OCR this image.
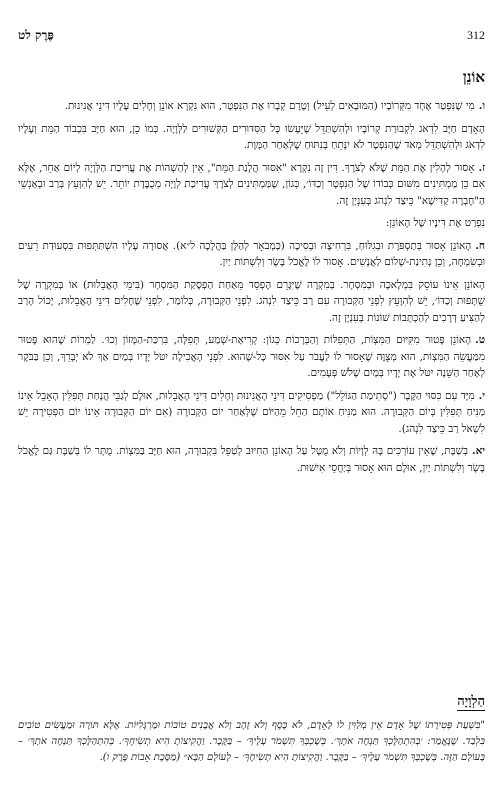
312
פֶּרֶק לט
אוֹנֵן

ו.מִי שֶׁנִּפְטַר אֶחָד מִקְּרוֹבָיו (הַמּוּבָאִים לְעֵיל) וְטֶרֶם קְבָרוּ אֶת הַנִּפְטָר, הוּא נִקְרָא אוֹנֵן וְחָלִים עָלָיו דִּינֵי אֲנִינוּת.

הָאָדָם חַיָּב לִדְאֹג לִקְבוּרַת קְרוֹבָיו וּלְהִשְׁתַּדֵּל שֶׁיֵּעָשׂוּ כָּל הַסִּדּוּרִים הַקְּשׁוּרִים לַלְּוָיָה. כְּמוֹ כֵן, הוּא חַיָּב בִּכְבוֹד הַמֵּת וְעָלָיו לִדְאֹג וּלְהִשְׁתַּדֵּל מְאֹד שֶׁהַנִּפְטָר לֹא יִנָּתֵחַ בְּנִתּוּחַ שֶׁלְּאַחַר הַמָּוֶת.

ז.אָסוּר לְהָלִין אֶת הַמֵּת שֶׁלֹּא לְצֹרֶךְ. דִּין זֶה נִקְרָא "אִסּוּר הֲלָנַת הַמֵּת", אֵין לְהַשְׁהוֹת אֶת עֲרִיכַת הַלְּוָיָה לְיוֹם אַחֵר, אֶלָּא אִם כֵּן מַמְתִּינִים מִשּׁוּם כְּבוֹדוֹ שֶׁל הַנִּפְטָר וְכַדּוֹ׳, כְּגוֹן, שֶׁמַּמְתִּינִים לְצֹרֶךְ עֲרִיכַת לְוָיָה מְכֻבֶּדֶת יוֹתֵר. יֵשׁ לְהִוָּעֵץ בְּרַב וּבְאַנְשֵׁי הַ"חֶבְרָה קַדִּישָׁא" כֵּיצַד לִנְהֹג בְּעִנְיָן זֶה.

נִפְרַט אֶת דִּינָיו שֶׁל הָאוֹנֵן:

ח.הָאוֹנֵן אָסוּר בְּתַסְפֹּרֶת וּבְגִלּוּחַ, בִּרְחִיצָה וּבְסִיכָה (כַּמְבֹאָר לְהַלָּן בַּהֲלָכָה ל״א). אֲסוּרָה עָלָיו הִשְׁתַּתְּפוּת בִּסְעוּדַת רֵעִים וּבְשִׂמְחָה, וְכֵן נְתִינַת-שָׁלוֹם לַאֲנָשִׁים. אָסוּר לוֹ לֶאֱכֹל בָּשָׂר וְלִשְׁתּוֹת יַיִן.

הָאוֹנֵן אֵינוֹ עוֹסֵק בִּמְלָאכָה וּבְמִסְחָר. בְּמִקְרֶה שֶׁיִּגָּרֵם הֶפְסֵד מֵאַחַת הַפְסָקַת הַמִּסְחָר (בִּימֵי הָאֲבֵלוּת) אוֹ בְּמִקְרֶה שֶׁל שֻׁתָּפוּת וְכַדּוֹ׳, יֵשׁ לְהִוָּעֵץ לִפְנֵי הַקְּבוּרָה עִם רַב כֵּיצַד לִנְהֹג. לִפְנֵי הַקְּבוּרָה, כְּלוֹמַר, לִפְנֵי שֶׁחָלִים דִּינֵי הָאֲבֵלוּת, יָכוֹל הָרַב לְהַצִּיעַ דְּרָכִים לְהַכְתָּבוֹת שׁוֹנוֹת בְּעִנְיָן זֶה.

ט.הָאוֹנֵן פָּטוּר מִקִּיּוּם הַמִּצְוֹת, הַתְּפִלּוֹת וְהַבְּרָכוֹת כְּגוֹן: קְרִיאַת-שְׁמַע, תְּפִלָּה, בִּרְכַּת-הַמָּזוֹן וְכוּ׳. לַמְרוֹת שֶׁהוּא פָּטוּר מִמַּעֲשֵׂה הַמִּצְוֹת, הוּא מְצֻוֶּה שֶׁאָסוּר לוֹ לַעֲבֹר עַל אִסּוּר כָּל-שֶׁהוּא. לִפְנֵי הָאֲכִילָה יִטֹּל יָדָיו בְּמַיִם אַךְ לֹא יְבָרֵךְ, וְכֵן בַּבֹּקֶר לְאַחַר הַשֵּׁנָה יִטֹּל אֶת יָדָיו בְּמַיִם שָׁלֹשׁ פְּעָמִים.

י.מִיָּד עִם כִּסּוּי הַקֶּבֶר ("סְתִימַת הַגּוֹלֵל") מַפְסִיקִים דִּינֵי הָאֲנִינוּת וְחָלִים דִּינֵי הָאֲבֵלוּת, אוּלָם לְגַבֵּי הֲנָחַת תְּפִלִּין הָאָבֵל אֵינוֹ מַנִּיחַ תְּפִלִּין בְּיוֹם הַקְּבוּרָה. הוּא מַנִּיחַ אוֹתָם הַחֵל מֵהַיּוֹם שֶׁלְּאַחַר יוֹם הַקְּבוּרָה (אִם יוֹם הַקְּבוּרָה אֵינוֹ יוֹם הַפְּטִירָה יֵשׁ לִשְׁאֹל רַב כֵּיצַד לִנְהֹג).

יא.בְּשַׁבָּת, שֶׁאֵין עוֹרְכִים בָּהּ לְוָיוֹת וְלֹא מֻטָּל עַל הָאוֹנֵן הַחִיּוּב לְטַפֵּל בִּקְבוּרָה, הוּא חַיָּב בַּמִּצְוֹת. מֻתָּר לוֹ בְּשַׁבָּת גַּם לֶאֱכֹל בָּשָׂר וְלִשְׁתּוֹת יַיִן, אוּלָם הוּא אָסוּר בְּיַחֲסֵי אִישׁוּת.

הַלְוָיָה
"בִּשְׁעַת פְּטִירָתוֹ שֶׁל אָדָם אֵין מְלַוִּין לוֹ לָאָדָם, לֹא כֶּסֶף וְלֹא זָהָב וְלֹא אֲבָנִים טוֹבוֹת וּמַרְגָּלִיּוֹת. אֶלָּא תּוֹרָה וּמַעֲשִׂים טוֹבִים בִּלְבַד. שֶׁנֶּאֱמַר: ׳בְּהִתְהַלֶּכְךָ תַּנְחֶה אֹתָךְ׳. בְּשָׁכְבְּךָ תִּשְׁמֹר עָלֶיךָ׳ – בַּקֶּבֶר. וַהֲקִיצוֹתָ הִיא תְשִׂיחֶךָ׳. בְּהִתְהַלֶּכְךָ תַּנְחֶה אֹתָךְ׳ – בָּעוֹלָם הַזֶּה. בְּשָׁכְבְּךָ תִּשְׁמֹר עָלֶיךָ׳ – בַּקֶּבֶר. וַהֲקִיצוֹתָ הִיא תְשִׂיחֶךָ׳ – לָעוֹלָם הַבָּא״ (מַסֶּכֶת אָבוֹת פֶּרֶק ו).
